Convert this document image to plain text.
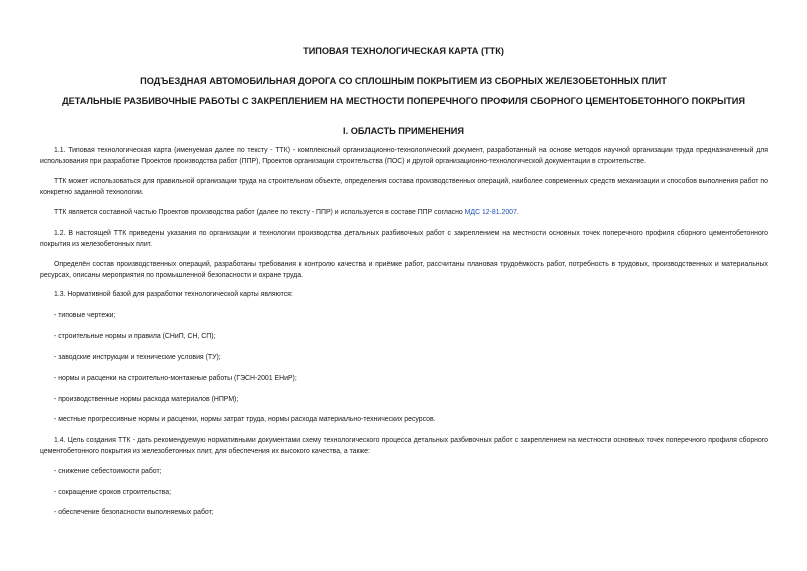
ТИПОВАЯ ТЕХНОЛОГИЧЕСКАЯ КАРТА (ТТК)
ПОДЪЕЗДНАЯ АВТОМОБИЛЬНАЯ ДОРОГА СО СПЛОШНЫМ ПОКРЫТИЕМ ИЗ СБОРНЫХ ЖЕЛЕЗОБЕТОННЫХ ПЛИТ
ДЕТАЛЬНЫЕ РАЗБИВОЧНЫЕ РАБОТЫ С ЗАКРЕПЛЕНИЕМ НА МЕСТНОСТИ ПОПЕРЕЧНОГО ПРОФИЛЯ СБОРНОГО ЦЕМЕНТОБЕТОННОГО ПОКРЫТИЯ
I. ОБЛАСТЬ ПРИМЕНЕНИЯ
1.1. Типовая технологическая карта (именуемая далее по тексту - ТТК) - комплексный организационно-технологический документ, разработанный на основе методов научной организации труда предназначенный для использования при разработке Проектов производства работ (ППР), Проектов организации строительства (ПОС) и другой организационно-технологической документации в строительстве.
ТТК может использоваться для правильной организации труда на строительном объекте, определения состава производственных операций, наиболее современных средств механизации и способов выполнения работ по конкретно заданной технологии.
ТТК является составной частью Проектов производства работ (далее по тексту - ППР) и используется в составе ППР согласно МДС 12-81.2007.
1.2. В настоящей ТТК приведены указания по организации и технологии производства детальных разбивочных работ с закреплением на местности основных точек поперечного профиля сборного цементобетонного покрытия из железобетонных плит.
Определён состав производственных операций, разработаны требования к контролю качества и приёмке работ, рассчитаны плановая трудоёмкость работ, потребность в трудовых, производственных и материальных ресурсах, описаны мероприятия по промышленной безопасности и охране труда.
1.3. Нормативной базой для разработки технологической карты являются:
- типовые чертежи;
- строительные нормы и правила (СНиП, СН, СП);
- заводские инструкции и технические условия (ТУ);
- нормы и расценки на строительно-монтажные работы (ГЭСН-2001 ЕНиР);
- производственные нормы расхода материалов (НПРМ);
- местные прогрессивные нормы и расценки, нормы затрат труда, нормы расхода материально-технических ресурсов.
1.4. Цель создания ТТК - дать рекомендуемую нормативными документами схему технологического процесса детальных разбивочных работ с закреплением на местности основных точек поперечного профиля сборного цементобетонного покрытия из железобетонных плит, для обеспечения их высокого качества, а также:
- снижение себестоимости работ;
- сокращение сроков строительства;
- обеспечение безопасности выполняемых работ;
